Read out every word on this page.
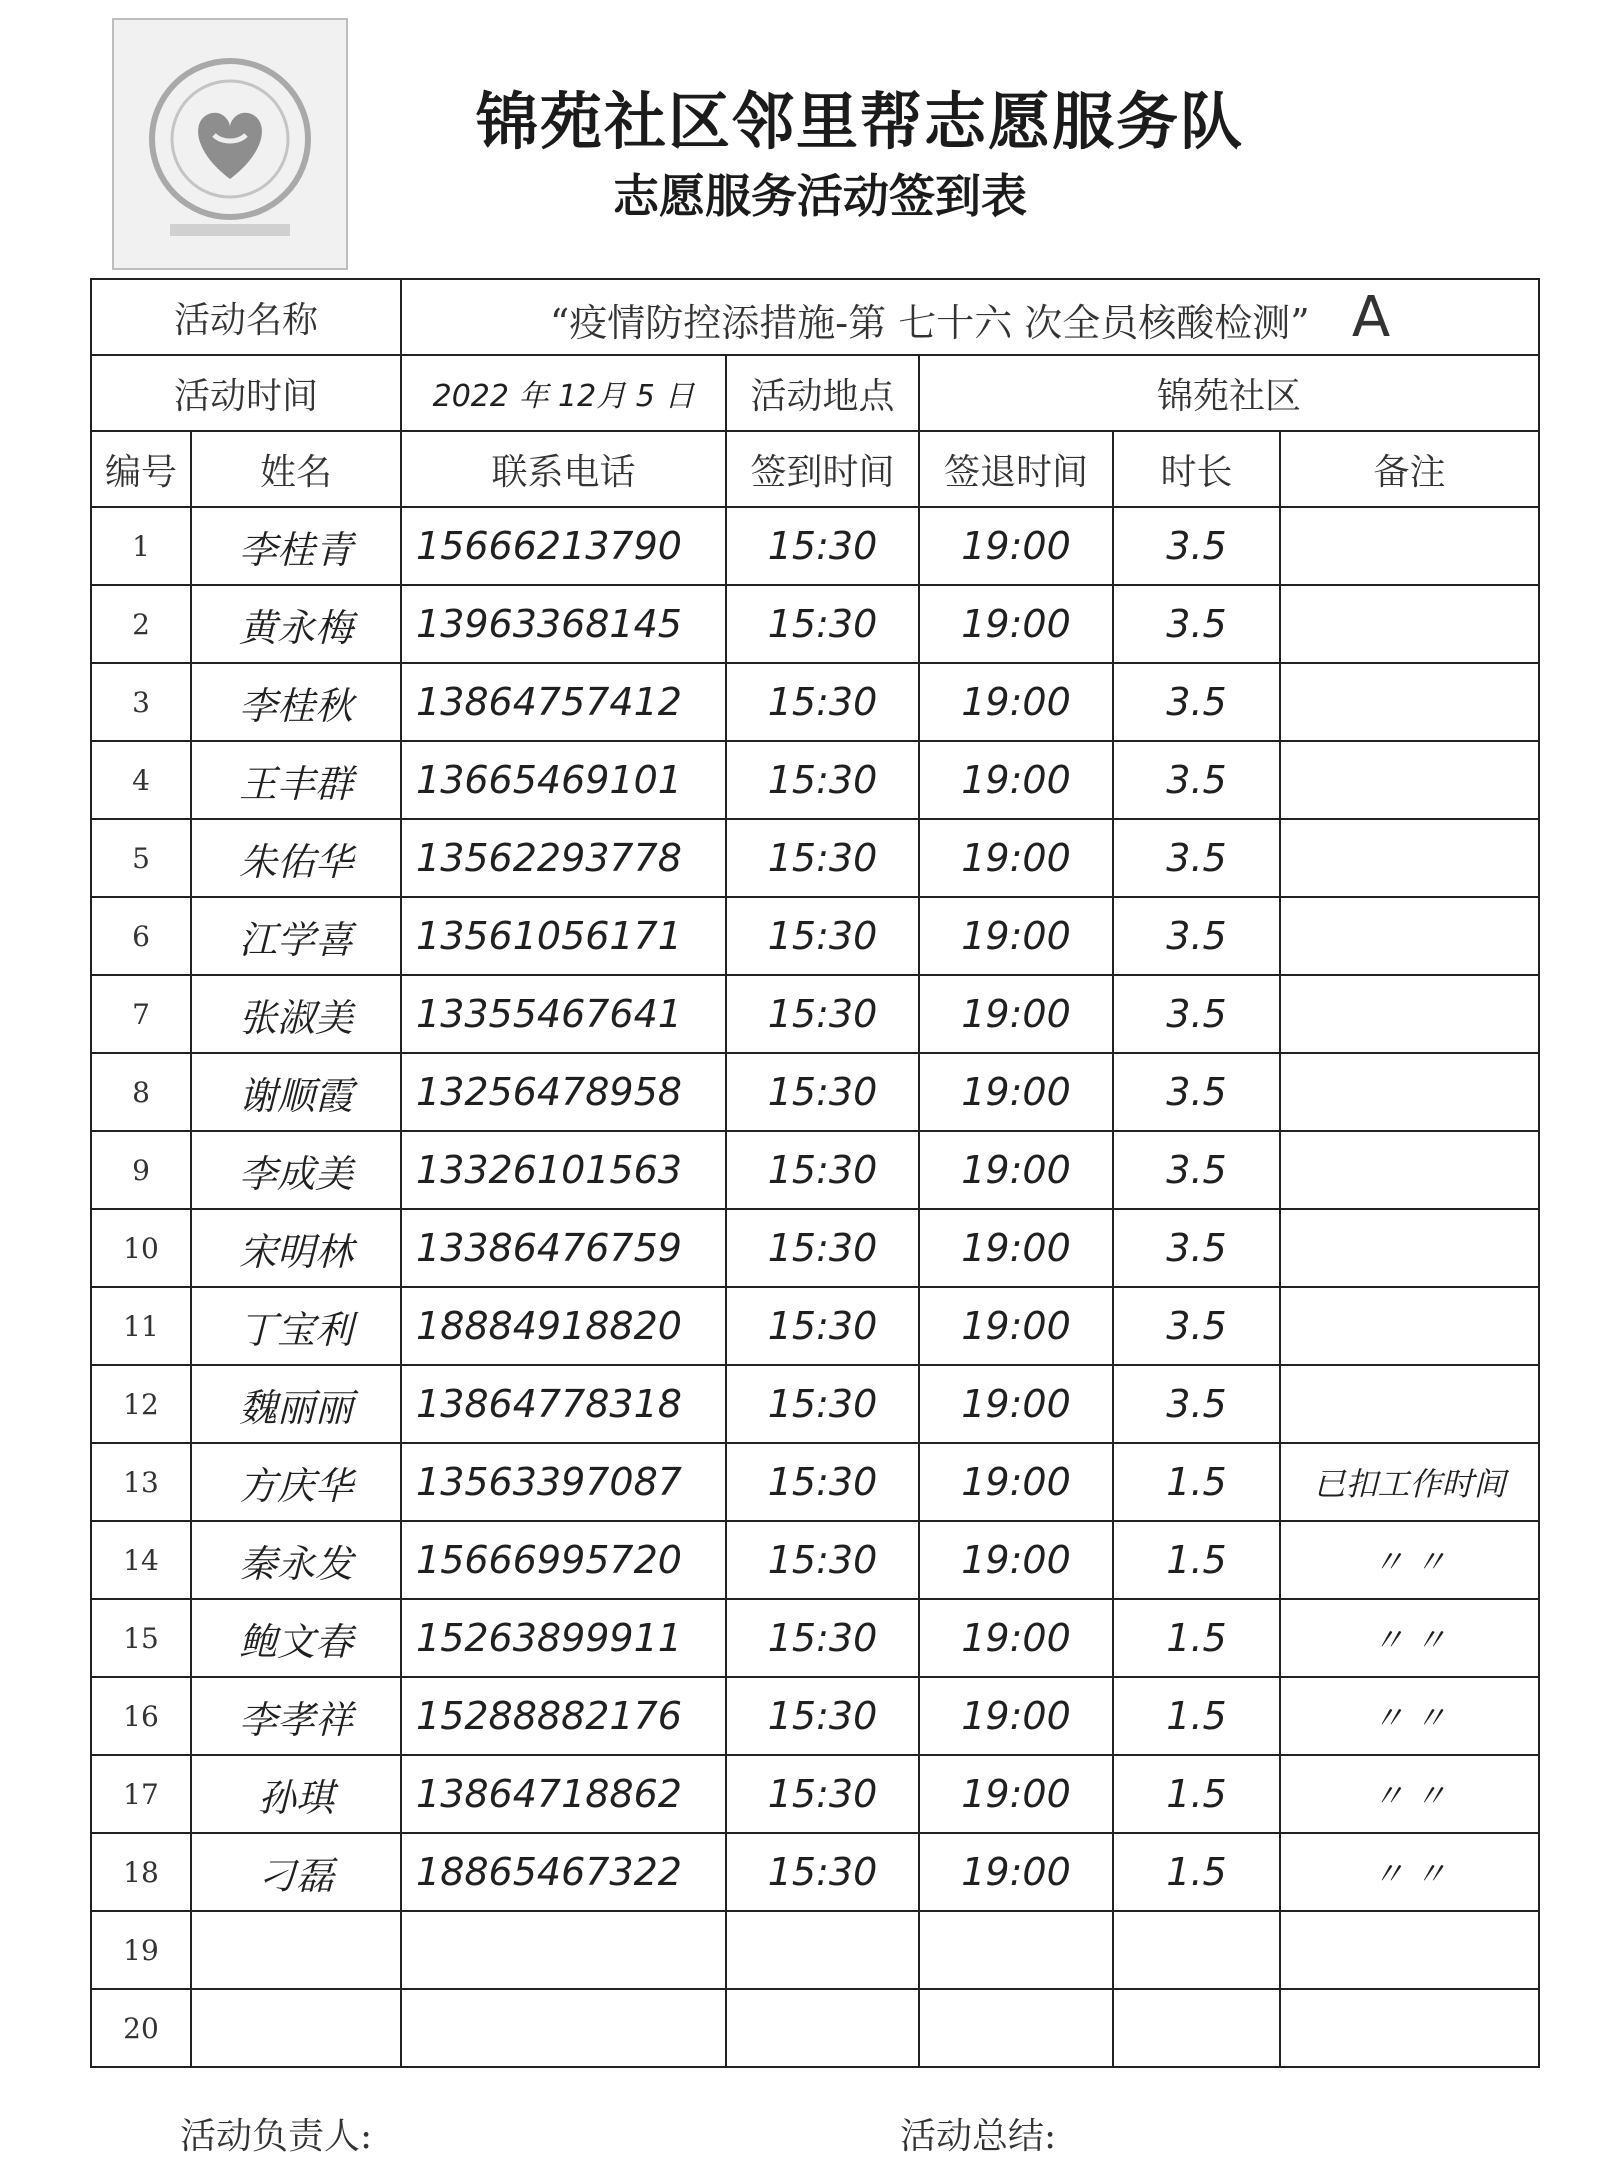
锦苑社区邻里帮志愿服务队
志愿服务活动签到表
活动名称		“疫情防控添措施-第 七十六 次全员核酸检测” A				
活动时间		2022 年 12月 5 日	活动地点	锦苑社区		
编号	姓名	联系电话	签到时间	签退时间	时长	备注
1	李桂青	15666213790	15:30	19:00	3.5	
2	黄永梅	13963368145	15:30	19:00	3.5	
3	李桂秋	13864757412	15:30	19:00	3.5	
4	王丰群	13665469101	15:30	19:00	3.5	
5	朱佑华	13562293778	15:30	19:00	3.5	
6	江学喜	13561056171	15:30	19:00	3.5	
7	张淑美	13355467641	15:30	19:00	3.5	
8	谢顺霞	13256478958	15:30	19:00	3.5	
9	李成美	13326101563	15:30	19:00	3.5	
10	宋明林	13386476759	15:30	19:00	3.5	
11	丁宝利	18884918820	15:30	19:00	3.5	
12	魏丽丽	13864778318	15:30	19:00	3.5	
13	方庆华	13563397087	15:30	19:00	1.5	已扣工作时间
14	秦永发	15666995720	15:30	19:00	1.5	〃 〃
15	鲍文春	15263899911	15:30	19:00	1.5	〃 〃
16	李孝祥	15288882176	15:30	19:00	1.5	〃 〃
17	孙琪	13864718862	15:30	19:00	1.5	〃 〃
18	刁磊	18865467322	15:30	19:00	1.5	〃 〃
19						
20						
活动负责人:	活动总结:
